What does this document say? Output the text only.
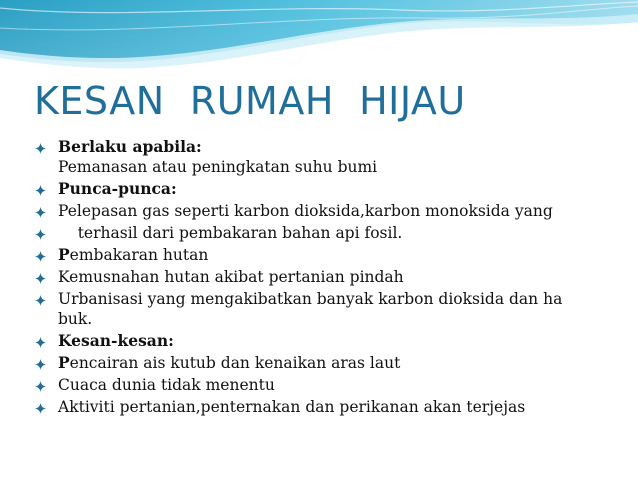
KESAN  RUMAH  HIJAU
Berlaku apabila:
Pemanasan atau peningkatan suhu bumi
Punca-punca:
Pelepasan gas seperti karbon dioksida,karbon monoksida yang
terhasil dari pembakaran bahan api fosil.
Pembakaran hutan
Kemusnahan hutan akibat pertanian pindah
Urbanisasi yang mengakibatkan banyak karbon dioksida dan ha
buk.
Kesan-kesan:
Pencairan ais kutub dan kenaikan aras laut
Cuaca dunia tidak menentu
Aktiviti pertanian,penternakan dan perikanan akan terjejas
